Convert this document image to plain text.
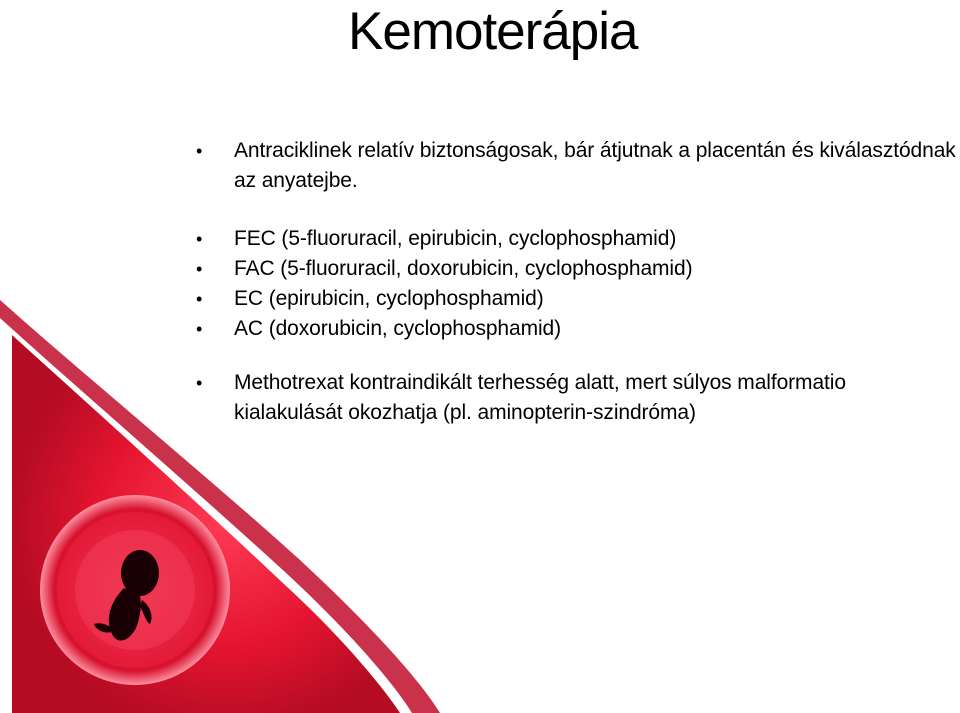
Kemoterápia
• Antraciklinek relatív biztonságosak, bár átjutnak a placentán és kiválasztódnak az anyatejbe.
• FEC (5-fluoruracil, epirubicin, cyclophosphamid)
• FAC (5-fluoruracil, doxorubicin, cyclophosphamid)
• EC (epirubicin, cyclophosphamid)
• AC (doxorubicin, cyclophosphamid)
• Methotrexat kontraindikált terhesség alatt, mert súlyos malformatio kialakulását okozhatja (pl. aminopterin-szindróma)
